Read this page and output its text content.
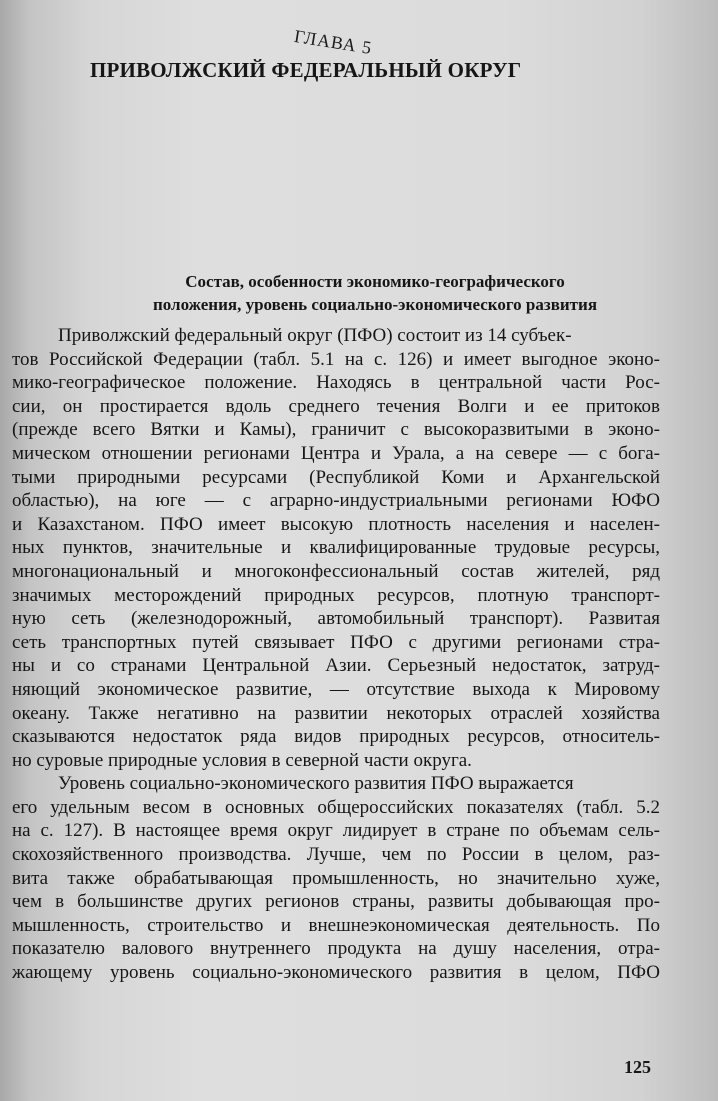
ГЛАВА 5
ПРИВОЛЖСКИЙ ФЕДЕРАЛЬНЫЙ ОКРУГ
Состав, особенности экономико-географического
положения, уровень социально-экономического развития
Приволжский федеральный округ (ПФО) состоит из 14 субъек-
тов Российской Федерации (табл. 5.1 на с. 126) и имеет выгодное эконо-
мико-географическое положение. Находясь в центральной части Рос-
сии, он простирается вдоль среднего течения Волги и ее притоков
(прежде всего Вятки и Камы), граничит с высокоразвитыми в эконо-
мическом отношении регионами Центра и Урала, а на севере — с бога-
тыми природными ресурсами (Республикой Коми и Архангельской
областью), на юге — с аграрно-индустриальными регионами ЮФО
и Казахстаном. ПФО имеет высокую плотность населения и населен-
ных пунктов, значительные и квалифицированные трудовые ресурсы,
многонациональный и многоконфессиональный состав жителей, ряд
значимых месторождений природных ресурсов, плотную транспорт-
ную сеть (железнодорожный, автомобильный транспорт). Развитая
сеть транспортных путей связывает ПФО с другими регионами стра-
ны и со странами Центральной Азии. Серьезный недостаток, затруд-
няющий экономическое развитие, — отсутствие выхода к Мировому
океану. Также негативно на развитии некоторых отраслей хозяйства
сказываются недостаток ряда видов природных ресурсов, относитель-
но суровые природные условия в северной части округа.
Уровень социально-экономического развития ПФО выражается
его удельным весом в основных общероссийских показателях (табл. 5.2
на с. 127). В настоящее время округ лидирует в стране по объемам сель-
скохозяйственного производства. Лучше, чем по России в целом, раз-
вита также обрабатывающая промышленность, но значительно хуже,
чем в большинстве других регионов страны, развиты добывающая про-
мышленность, строительство и внешнеэкономическая деятельность. По
показателю валового внутреннего продукта на душу населения, отра-
жающему уровень социально-экономического развития в целом, ПФО
125
